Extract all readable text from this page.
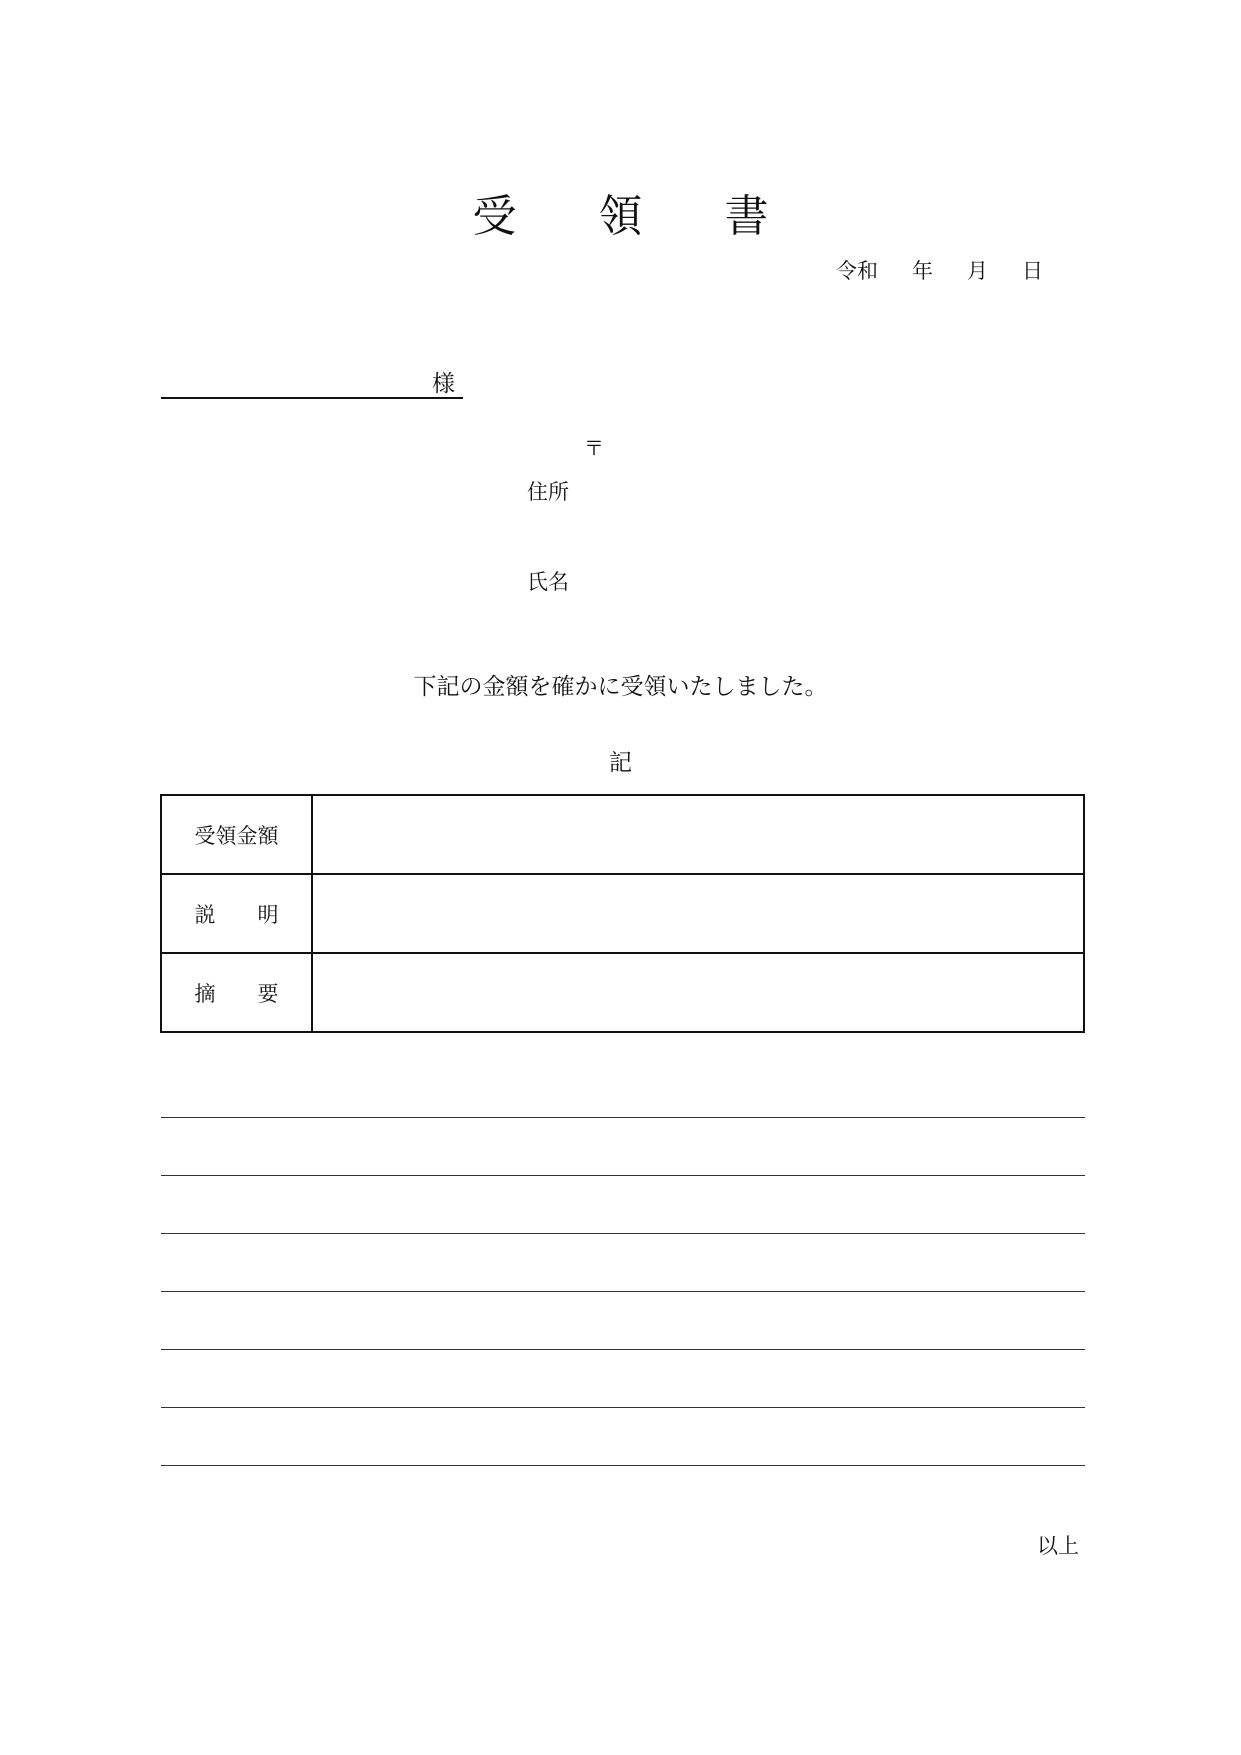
受 領 書
令和 年 月 日
様
〒
住所
氏名
下記の金額を確かに受領いたしました。
記
受領金額	
説　　明	
摘　　要	
以上
